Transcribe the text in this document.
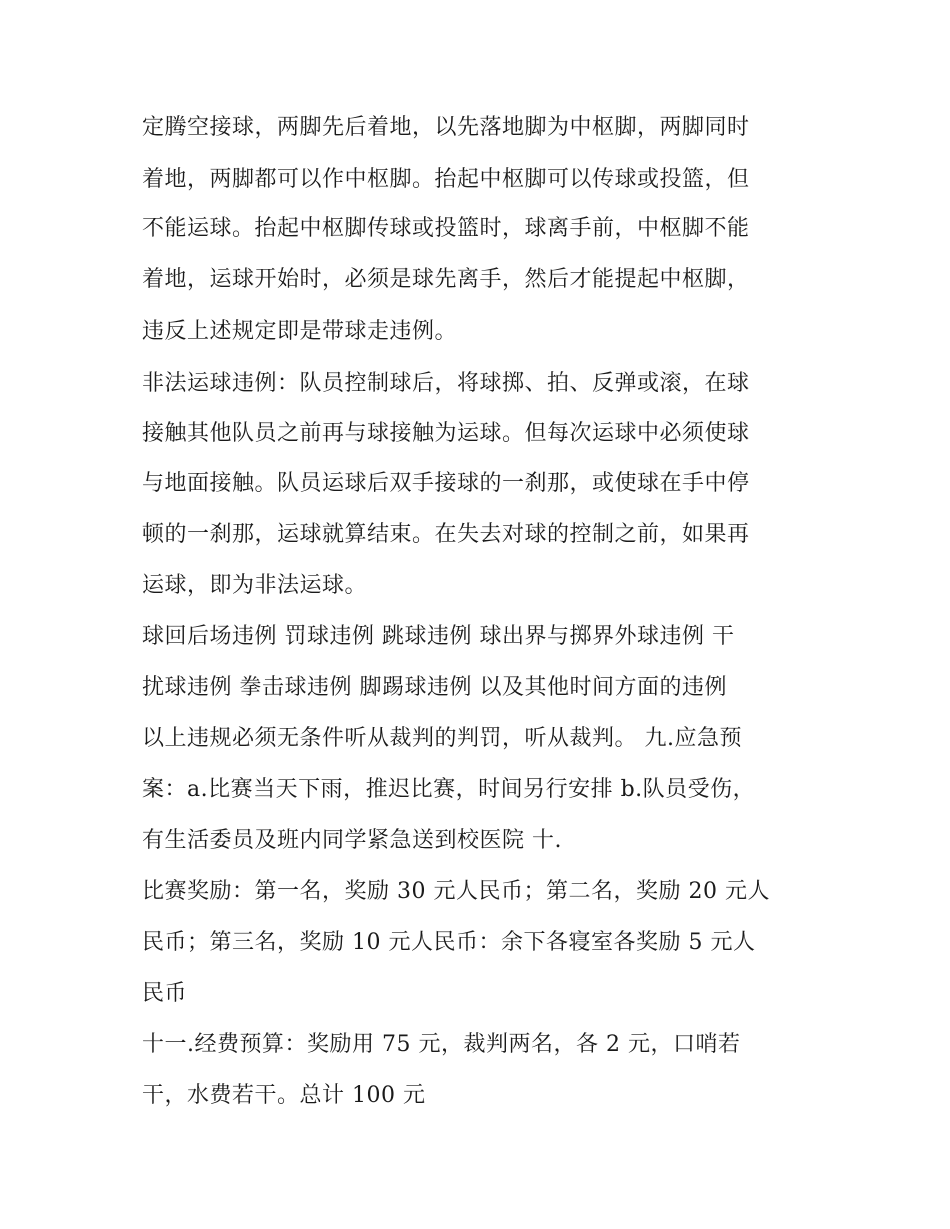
定腾空接球，两脚先后着地，以先落地脚为中枢脚，两脚同时
着地，两脚都可以作中枢脚。抬起中枢脚可以传球或投篮，但
不能运球。抬起中枢脚传球或投篮时，球离手前，中枢脚不能
着地，运球开始时，必须是球先离手，然后才能提起中枢脚，
违反上述规定即是带球走违例。
非法运球违例：队员控制球后，将球掷、拍、反弹或滚，在球
接触其他队员之前再与球接触为运球。但每次运球中必须使球
与地面接触。队员运球后双手接球的一刹那，或使球在手中停
顿的一刹那，运球就算结束。在失去对球的控制之前，如果再
运球，即为非法运球。
球回后场违例 罚球违例 跳球违例 球出界与掷界外球违例 干
扰球违例 拳击球违例 脚踢球违例 以及其他时间方面的违例
以上违规必须无条件听从裁判的判罚，听从裁判。 九.应急预
案：a.比赛当天下雨，推迟比赛，时间另行安排 b.队员受伤，
有生活委员及班内同学紧急送到校医院 十.
比赛奖励：第一名，奖励 30 元人民币；第二名，奖励 20 元人
民币；第三名，奖励 10 元人民币：余下各寝室各奖励 5 元人
民币
十一.经费预算：奖励用 75 元，裁判两名，各 2 元，口哨若
干，水费若干。总计 100 元
